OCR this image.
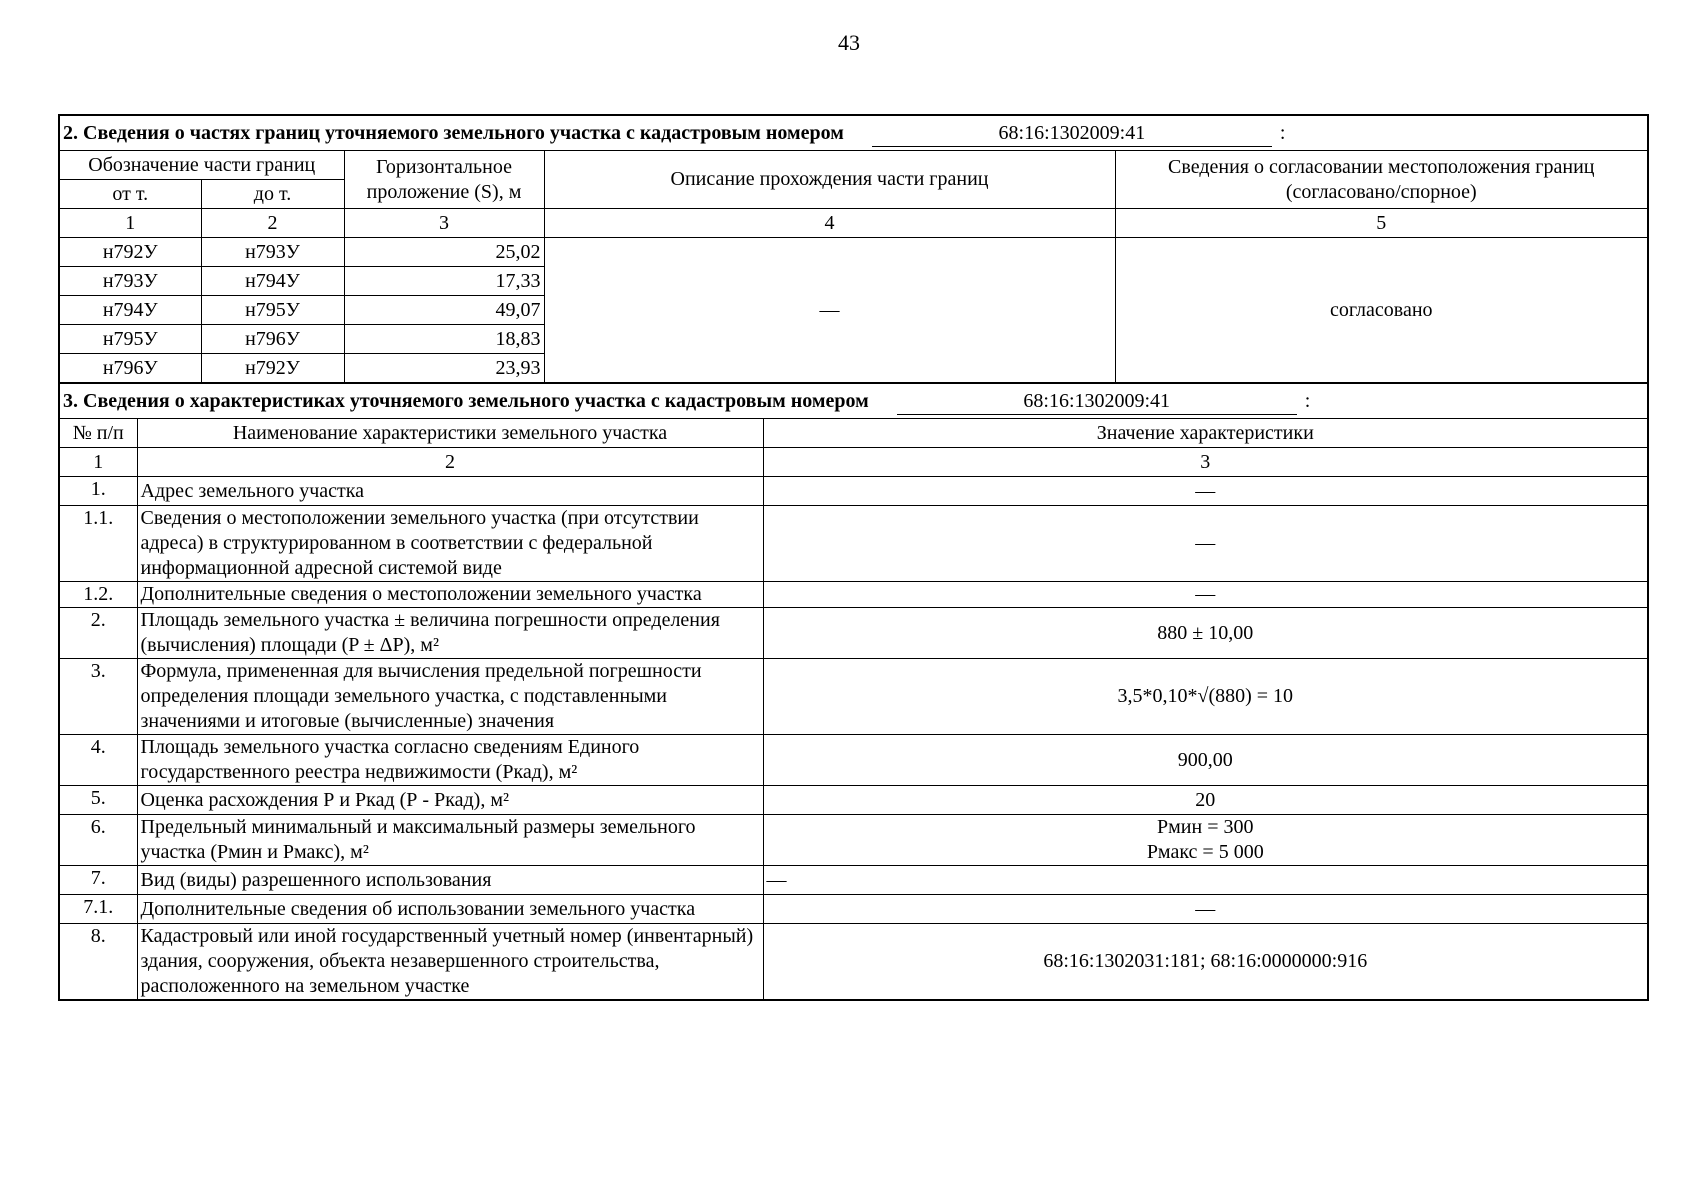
43
2. Сведения о частях границ уточняемого земельного участка с кадастровым номером 68:16:1302009:41 :				

Обозначение части границ		Горизонтальное проложение (S), м	Описание прохождения части границ	Сведения о согласовании местоположения границ (согласовано/спорное)
от т.	до т.			
1	2	3	4	5
н792У	н793У	25,02	—	согласовано
н793У	н794У	17,33		
н794У	н795У	49,07		
н795У	н796У	18,83		
н796У	н792У	23,93		
3. Сведения о характеристиках уточняемого земельного участка с кадастровым номером 68:16:1302009:41 :		

№ п/п	Наименование характеристики земельного участка	Значение характеристики
1	2	3
1.	Адрес земельного участка	—
1.1.	Сведения о местоположении земельного участка (при отсутствии адреса) в структурированном в соответствии с федеральной информационной адресной системой виде	—
1.2.	Дополнительные сведения о местоположении земельного участка	—
2.	Площадь земельного участка ± величина погрешности определения (вычисления) площади (P ± ΔP), м²	880 ± 10,00
3.	Формула, примененная для вычисления предельной погрешности определения площади земельного участка, с подставленными значениями и итоговые (вычисленные) значения	3,5*0,10*√(880) = 10
4.	Площадь земельного участка согласно сведениям Единого государственного реестра недвижимости (Ркад), м²	900,00
5.	Оценка расхождения Р и Ркад (Р - Ркад), м²	20
6.	Предельный минимальный и максимальный размеры земельного участка (Рмин и Рмакс), м²	Рмин = 300
Рмакс = 5 000

7.	Вид (виды) разрешенного использования	—
7.1.	Дополнительные сведения об использовании земельного участка	—
8.	Кадастровый или иной государственный учетный номер (инвентарный) здания, сооружения, объекта незавершенного строительства, расположенного на земельном участке	68:16:1302031:181; 68:16:0000000:916
